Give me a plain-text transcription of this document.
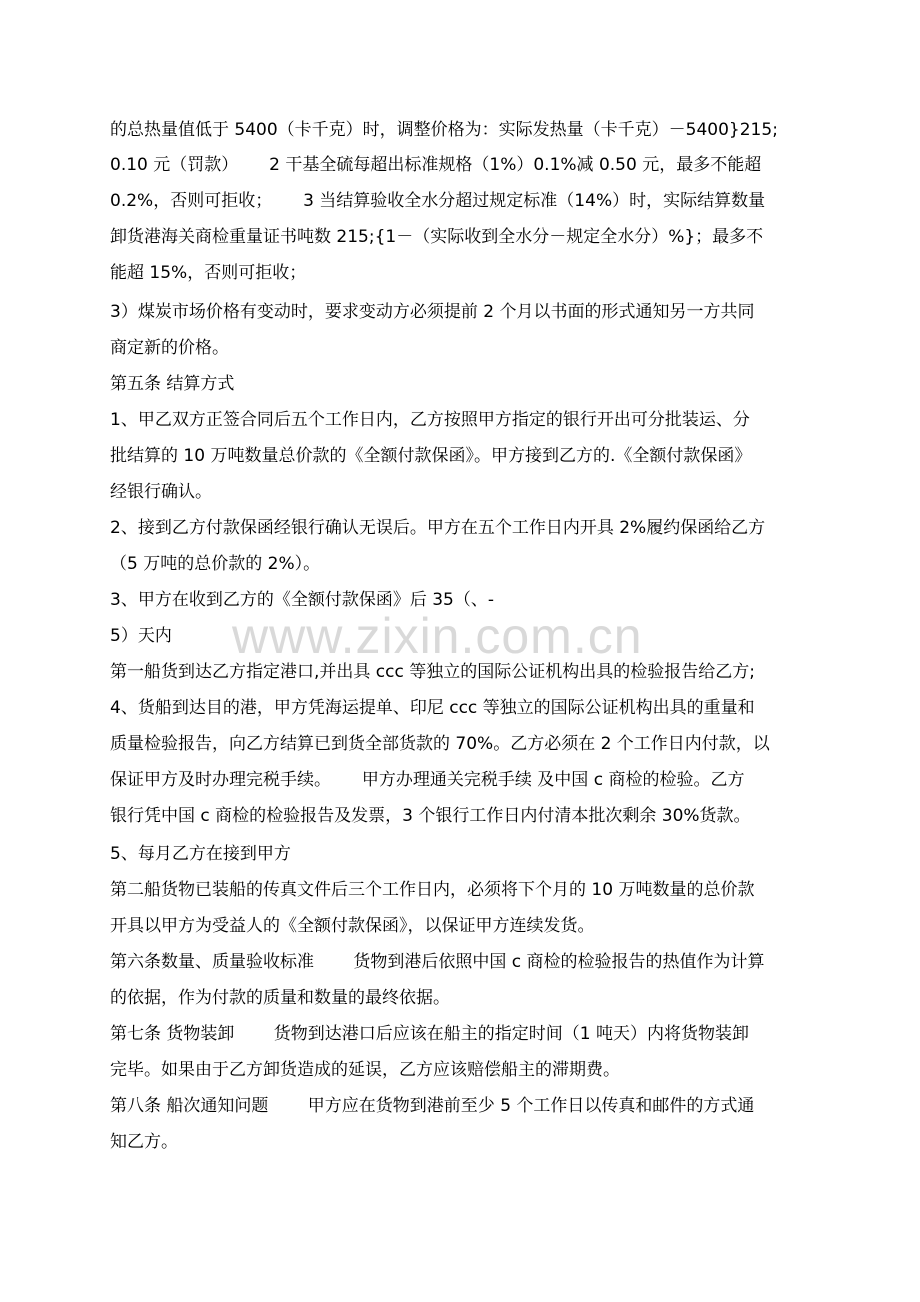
的总热量值低于 5400（卡千克）时，调整价格为：实际发热量（卡千克）－5400}215;
0.10 元（罚款）　　 2 干基全硫每超出标准规格（1%）0.1%减 0.50 元，最多不能超
0.2%，否则可拒收；　　 3 当结算验收全水分超过规定标准（14%）时，实际结算数量
卸货港海关商检重量证书吨数 215;{1－（实际收到全水分－规定全水分）%}；最多不
能超 15%，否则可拒收；
3）煤炭市场价格有变动时，要求变动方必须提前 2 个月以书面的形式通知另一方共同
商定新的价格。
第五条 结算方式
1、甲乙双方正签合同后五个工作日内，乙方按照甲方指定的银行开出可分批装运、分
批结算的 10 万吨数量总价款的《全额付款保函》。甲方接到乙方的.《全额付款保函》
经银行确认。
2、接到乙方付款保函经银行确认无误后。甲方在五个工作日内开具 2%履约保函给乙方
（5 万吨的总价款的 2%）。
3、甲方在收到乙方的《全额付款保函》后 35（、-
5）天内
第一船货到达乙方指定港口,并出具 ccc 等独立的国际公证机构出具的检验报告给乙方;
4、货船到达目的港，甲方凭海运提单、印尼 ccc 等独立的国际公证机构出具的重量和
质量检验报告，向乙方结算已到货全部货款的 70%。乙方必须在 2 个工作日内付款，以
保证甲方及时办理完税手续。　　 甲方办理通关完税手续 及中国 c 商检的检验。乙方
银行凭中国 c 商检的检验报告及发票，3 个银行工作日内付清本批次剩余 30%货款。
5、每月乙方在接到甲方
第二船货物已装船的传真文件后三个工作日内，必须将下个月的 10 万吨数量的总价款
开具以甲方为受益人的《全额付款保函》，以保证甲方连续发货。
第六条数量、质量验收标准　　 货物到港后依照中国 c 商检的检验报告的热值作为计算
的依据，作为付款的质量和数量的最终依据。
第七条 货物装卸　　 货物到达港口后应该在船主的指定时间（1 吨天）内将货物装卸
完毕。如果由于乙方卸货造成的延误，乙方应该赔偿船主的滞期费。
第八条 船次通知问题　　 甲方应在货物到港前至少 5 个工作日以传真和邮件的方式通
知乙方。
www.zixin.com.cn
